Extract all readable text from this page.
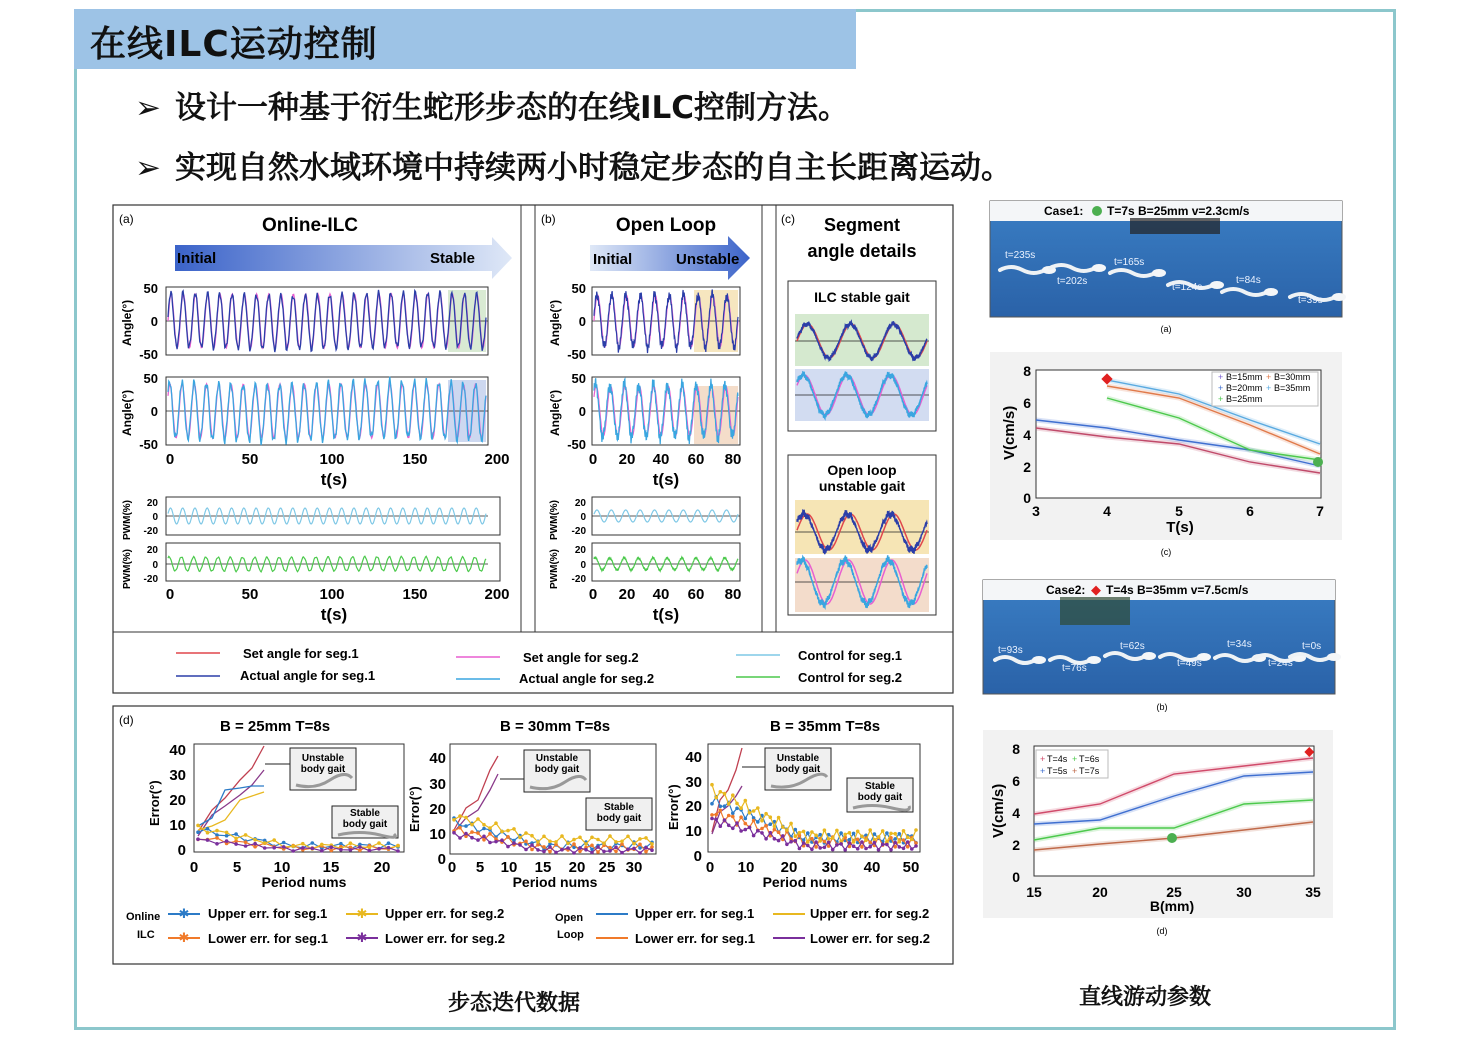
在线ILC运动控制
➢ 设计一种基于衍生蛇形步态的在线ILC控制方法。
➢ 实现自然水域环境中持续两小时稳定步态的自主长距离运动。
(a)	Online-ILC
Initial	Stable
50
0
-50
Angle(°)
50
0
-50
Angle(°)
0	50	100	150	200
t(s)
20
0
-20
20
0
-20
PWM(%)
PWM(%)
0	50	100	150	200
t(s)
(b)	Open Loop
Initial	Unstable
50
0
-50
Angle(°)
50
0
-50
Angle(°)
0 20 40 60 80
t(s)
20
0
-20
20
0
-20
PWM(%)
PWM(%)
0 20 40 60 80
t(s)
(c) Segment
angle details
ILC stable gait
Open loop
unstable gait
Set angle for seg.1
Actual angle for seg.1
Set angle for seg.2
Actual angle for seg.2
Control for seg.1
Control for seg.2
(d)	B = 25mm T=8s
40
30
20
10
0
0 5 10 15 20
Period nums
Error(°)
B = 30mm T=8s
40
30
20
10
0 0 5 10 15 20 25 30
Period nums
Error(°)
B = 35mm T=8s
40
30
20
10
0
0 10 20 30 40 50
Period nums
Error(°)
Unstable
body gait
Stable
body gait
Unstable
body gait
Stable
body gait
Unstable
body gait
Stable
body gait
Online
ILC
✱ Upper err. for seg.1
✱ Lower err. for seg.1
✱ Upper err. for seg.2
✱ Lower err. for seg.2
Open
Loop
Upper err. for seg.1
Lower err. for seg.1
Upper err. for seg.2
Lower err. for seg.2
Case1: T=7s B=25mm v=2.3cm/s
t=235s
t=202s
t=165s
t=124s
t=84s
t=39s
(a)
8
6
4
2
0
3	4	5	6	7
T(s)
V(cm/s)
+ B=15mm + B=30mm
+ B=20mm + B=35mm
+ B=25mm
(c)
◆
Case2: T=4s B=35mm v=7.5cm/s
t=93s
t=76s
t=62s
t=49s
t=34s
t=24s
t=0s
(b)
8
6
4
2
0
15	20	25	30	35
B(mm)
V(cm/s)
+ T=4s + T=6s
+ T=5s + T=7s
(d)
步态迭代数据	直线游动参数
